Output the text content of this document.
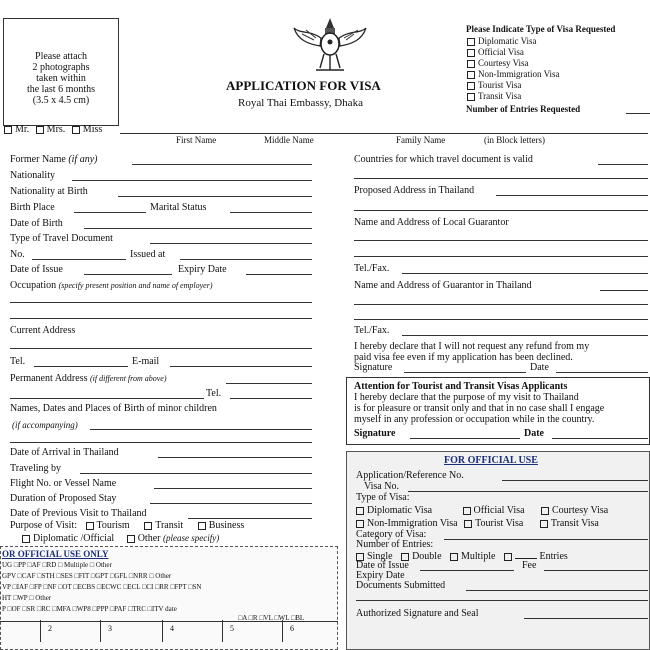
Please attach
2 photographs
taken within
the last 6 months
(3.5 x 4.5 cm)
APPLICATION FOR VISA
Royal Thai Embassy, Dhaka
Please Indicate Type of Visa Requested
Diplomatic Visa
Official Visa
Courtesy Visa
Non-Immigration Visa
Tourist Visa
Transit Visa
Number of Entries Requested
Mr. Mrs. Miss
First Name	Middle Name	Family Name	(in Block letters)
Former Name (if any)
Nationality
Nationality at Birth
Birth Place	Marital Status
Date of Birth
Type of Travel Document
No.	Issued at
Date of Issue	Expiry Date
Occupation (specify present position and name of employer)
Current Address
Tel.	E-mail
Permanent Address (if different from above)
Tel.
Names, Dates and Places of Birth of minor children
(if accompanying)
Date of Arrival in Thailand
Traveling by
Flight No. or Vessel Name
Duration of Proposed Stay
Date of Previous Visit to Thailand
Purpose of Visit: Tourism	Transit	Business
Diplomatic /Official Other (please specify)
OR OFFICIAL USE ONLY
UG □PP □AF □RD □ Multiple □ Other
GPV □CAF □STH □SES □FIT □GPT □GFL □NRR □ Other
VP □IAF □FP □NF □OT □ECBS □ECWC □ECL □CI □RR □FPT □SN
HT □WP □ Other
P □OF □SR □RC □MFA □WP8 □PPP □PAF □TRC □ITV date
□A □R □VL □WL □BL
2	3	4	5	6
Countries for which travel document is valid
Proposed Address in Thailand
Name and Address of Local Guarantor
Tel./Fax.
Name and Address of Guarantor in Thailand
Tel./Fax.
I hereby declare that I will not request any refund from my
paid visa fee even if my application has been declined.
Signature	Date
Attention for Tourist and Transit Visas Applicants
I hereby declare that the purpose of my visit to Thailand
is for pleasure or transit only and that in no case shall I engage
myself in any profession or occupation while in the country.
Signature	Date
FOR OFFICIAL USE
Application/Reference No.
Visa No.
Type of Visa:
Diplomatic Visa	Official Visa	Courtesy Visa
Non-Immigration Visa Tourist Visa	Transit Visa
Category of Visa:
Number of Entries:
Single Double Multiple	Entries
Date of Issue	Fee
Expiry Date
Documents Submitted
Authorized Signature and Seal
